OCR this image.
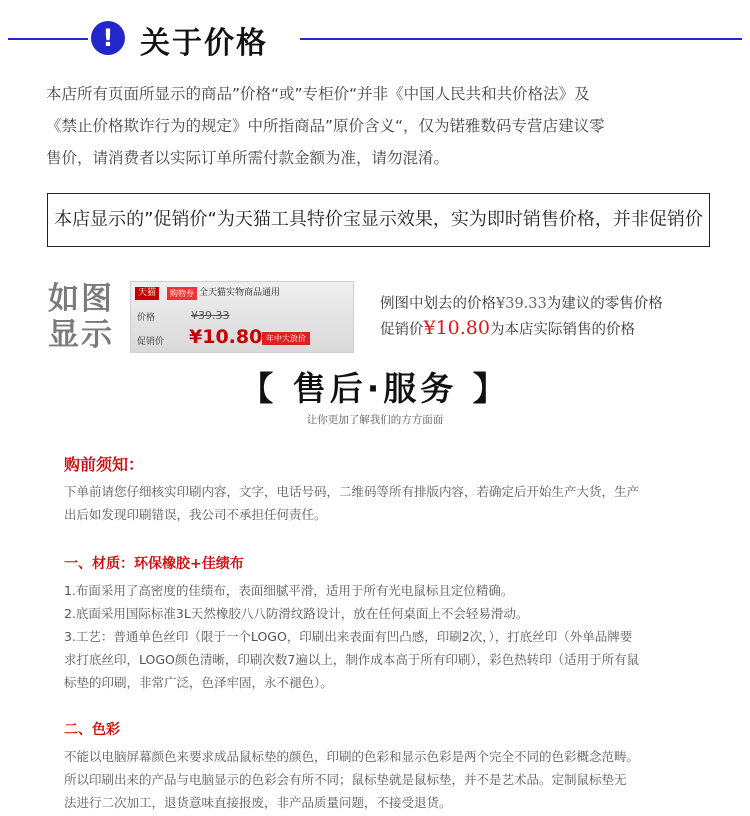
! 关于价格
本店所有页面所显示的商品”价格“或”专柜价“并非《中国人民共和共价格法》及
《禁止价格欺诈行为的规定》中所指商品”原价含义“，仅为锘雅数码专营店建议零
售价，请消费者以实际订单所需付款金额为准，请勿混淆。
本店显示的”促销价“为天猫工具特价宝显示效果，实为即时销售价格，并非促销价
如图
显示
天猫	购物券 全天猫实物商品通用
价格	¥39.33
促销价 ¥10.80 年中大放价
例图中划去的价格¥39.33为建议的零售价格
促销价¥10.80为本店实际销售的价格
【 售后·服务 】
让你更加了解我们的方方面面
购前须知：
下单前请您仔细核实印刷内容，文字，电话号码，二维码等所有排版内容，若确定后开始生产大货，生产
出后如发现印刷错误，我公司不承担任何责任。
一、材质：环保橡胶+佳绩布
1.布面采用了高密度的佳绩布，表面细腻平滑，适用于所有光电鼠标且定位精确。
2.底面采用国际标准3L天然橡胶八八防滑纹路设计，放在任何桌面上不会轻易滑动。
3.工艺：普通单色丝印（限于一个LOGO，印刷出来表面有凹凸感，印刷2次，），打底丝印（外单品牌要
求打底丝印，LOGO颜色清晰，印刷次数7遍以上，制作成本高于所有印刷），彩色热转印（适用于所有鼠
标垫的印刷，非常广泛，色泽牢固，永不褪色）。
二、色彩
不能以电脑屏幕颜色来要求成品鼠标垫的颜色，印刷的色彩和显示色彩是两个完全不同的色彩概念范畴。
所以印刷出来的产品与电脑显示的色彩会有所不同；鼠标垫就是鼠标垫，并不是艺术品。定制鼠标垫无
法进行二次加工，退货意味直接报废，非产品质量问题，不接受退货。
